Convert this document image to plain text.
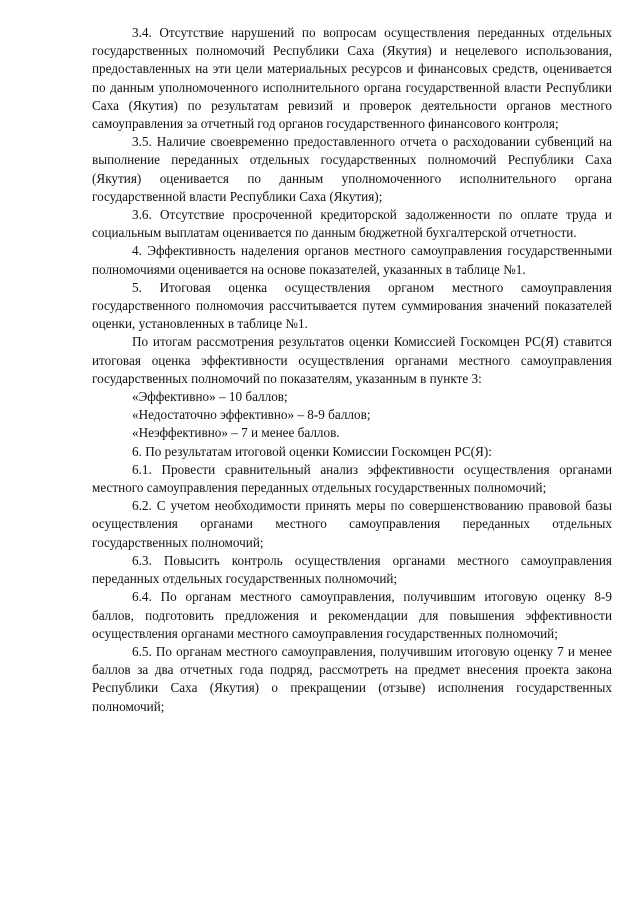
3.4. Отсутствие нарушений по вопросам осуществления переданных отдельных государственных полномочий Республики Саха (Якутия) и нецелевого использования, предоставленных на эти цели материальных ресурсов и финансовых средств, оценивается по данным уполномоченного исполнительного органа государственной власти Республики Саха (Якутия) по результатам ревизий и проверок деятельности органов местного самоуправления за отчетный год органов государственного финансового контроля;

3.5. Наличие своевременно предоставленного отчета о расходовании субвенций на выполнение переданных отдельных государственных полномочий Республики Саха (Якутия) оценивается по данным уполномоченного исполнительного органа государственной власти Республики Саха (Якутия);

3.6. Отсутствие просроченной кредиторской задолженности по оплате труда и социальным выплатам оценивается по данным бюджетной бухгалтерской отчетности.

4. Эффективность наделения органов местного самоуправления государственными полномочиями оценивается на основе показателей, указанных в таблице №1.

5. Итоговая оценка осуществления органом местного самоуправления государственного полномочия рассчитывается путем суммирования значений показателей оценки, установленных в таблице №1.

По итогам рассмотрения результатов оценки Комиссией Госкомцен РС(Я) ставится итоговая оценка эффективности осуществления органами местного самоуправления государственных полномочий по показателям, указанным в пункте 3:

«Эффективно» – 10 баллов;

«Недостаточно эффективно» – 8-9 баллов;

«Неэффективно» – 7 и менее баллов.

6. По результатам итоговой оценки Комиссии Госкомцен РС(Я):

6.1. Провести сравнительный анализ эффективности осуществления органами местного самоуправления переданных отдельных государственных полномочий;

6.2. С учетом необходимости принять меры по совершенствованию правовой базы осуществления органами местного самоуправления переданных отдельных государственных полномочий;

6.3. Повысить контроль осуществления органами местного самоуправления переданных отдельных государственных полномочий;

6.4. По органам местного самоуправления, получившим итоговую оценку 8-9 баллов, подготовить предложения и рекомендации для повышения эффективности осуществления органами местного самоуправления государственных полномочий;

6.5. По органам местного самоуправления, получившим итоговую оценку 7 и менее баллов за два отчетных года подряд, рассмотреть на предмет внесения проекта закона Республики Саха (Якутия) о прекращении (отзыве) исполнения государственных полномочий;
